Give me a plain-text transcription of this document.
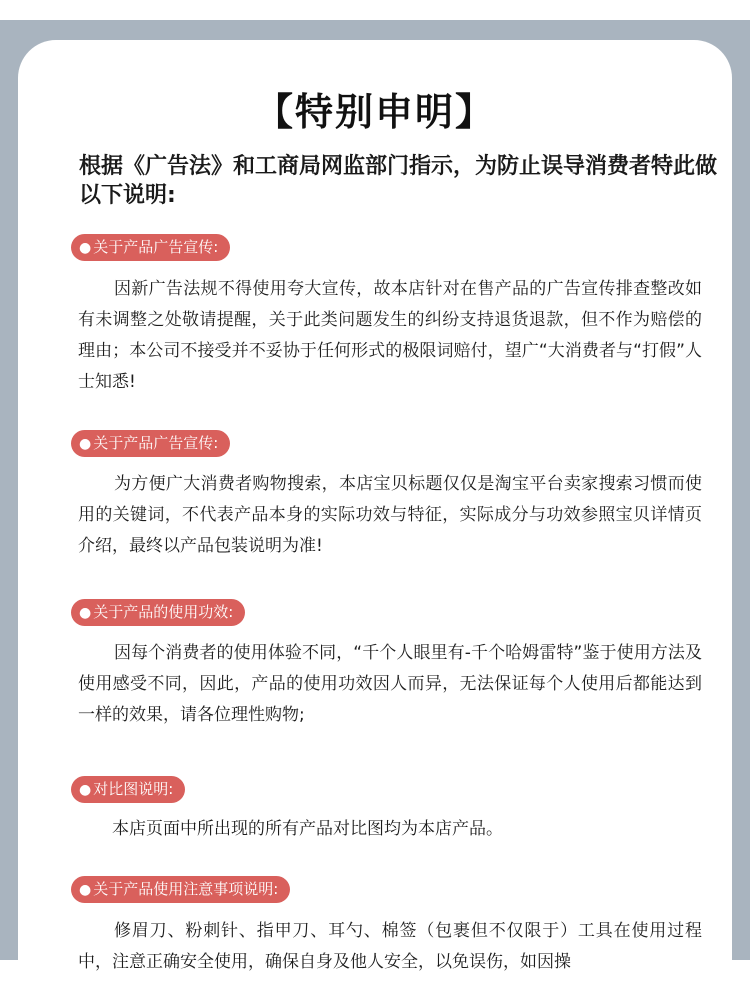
【特别申明】
根据《广告法》和工商局网监部门指示，为防止误导消费者特此做以下说明:
● 关于产品广告宣传:
因新广告法规不得使用夸大宣传，故本店针对在售产品的广告宣传排查整改如有未调整之处敬请提醒，关于此类问题发生的纠纷支持退货退款，但不作为赔偿的理由；本公司不接受并不妥协于任何形式的极限词赔付，望广“大消费者与“打假”人士知悉!
● 关于产品广告宣传:
为方便广大消费者购物搜索，本店宝贝标题仅仅是淘宝平台卖家搜索习惯而使用的关键词，不代表产品本身的实际功效与特征，实际成分与功效参照宝贝详情页介绍，最终以产品包装说明为准!
● 关于产品的使用功效:
因每个消费者的使用体验不同，“千个人眼里有-千个哈姆雷特”鉴于使用方法及使用感受不同，因此，产品的使用功效因人而异，无法保证每个人使用后都能达到一样的效果，请各位理性购物;
● 对比图说明:
本店页面中所出现的所有产品对比图均为本店产品。
● 关于产品使用注意事项说明:
修眉刀、粉刺针、指甲刀、耳勺、棉签（包裹但不仅限于）工具在使用过程中，注意正确安全使用，确保自身及他人安全，以免误伤，如因操
